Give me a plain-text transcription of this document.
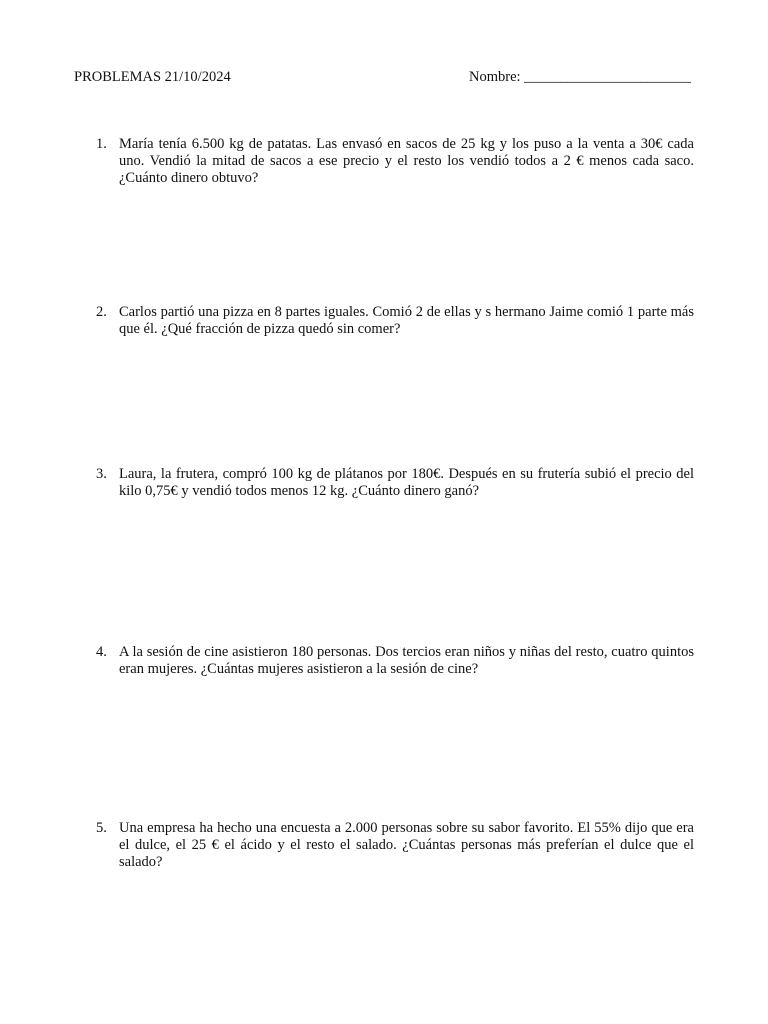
PROBLEMAS 21/10/2024	Nombre: _______________________
1. María tenía 6.500 kg de patatas. Las envasó en sacos de 25 kg y los puso a la venta a 30€ cada uno. Vendió la mitad de sacos a ese precio y el resto los vendió todos a 2 € menos cada saco. ¿Cuánto dinero obtuvo?
2. Carlos partió una pizza en 8 partes iguales. Comió 2 de ellas y s hermano Jaime comió 1 parte más que él. ¿Qué fracción de pizza quedó sin comer?
3. Laura, la frutera, compró 100 kg de plátanos por 180€. Después en su frutería subió el precio del kilo 0,75€ y vendió todos menos 12 kg. ¿Cuánto dinero ganó?
4. A la sesión de cine asistieron 180 personas. Dos tercios eran niños y niñas del resto, cuatro quintos eran mujeres. ¿Cuántas mujeres asistieron a la sesión de cine?
5. Una empresa ha hecho una encuesta a 2.000 personas sobre su sabor favorito. El 55% dijo que era el dulce, el 25 € el ácido y el resto el salado. ¿Cuántas personas más preferían el dulce que el salado?
